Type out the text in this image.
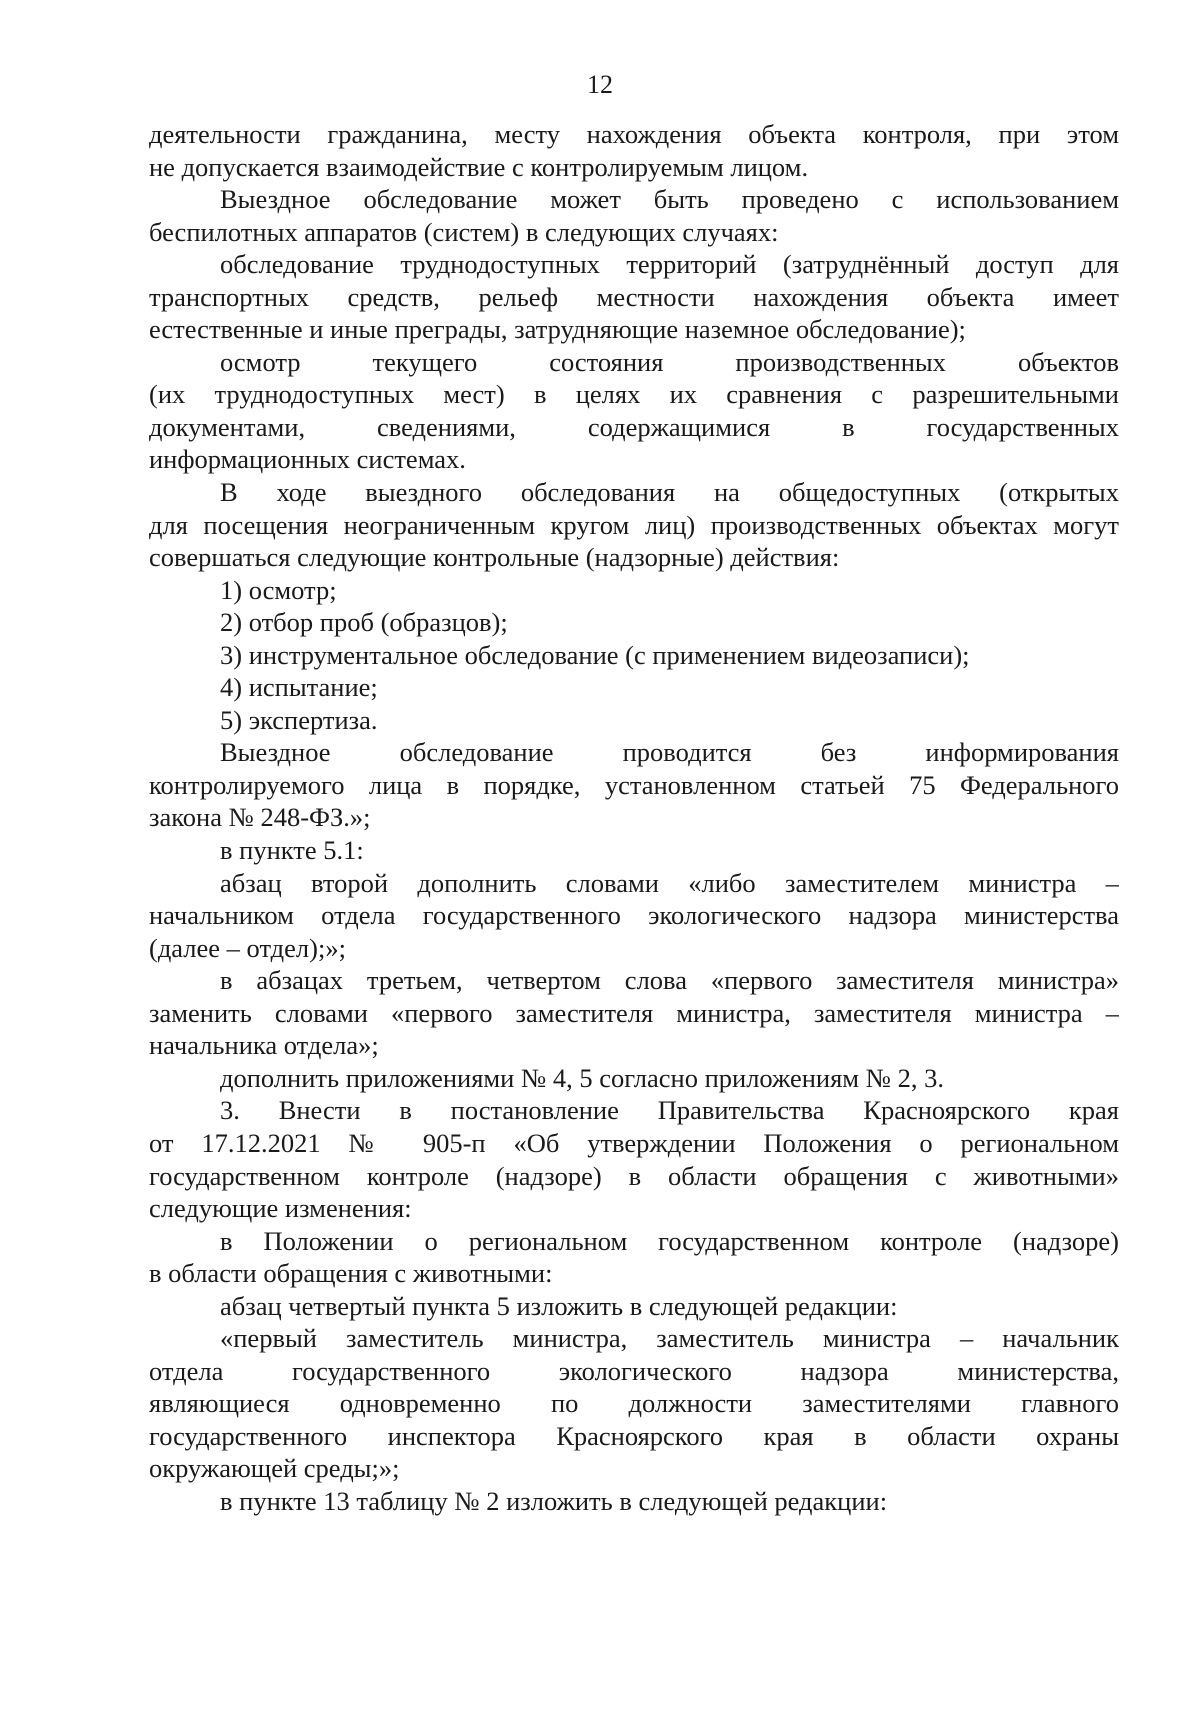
12
деятельности гражданина, месту нахождения объекта контроля, при этом
не допускается взаимодействие с контролируемым лицом.
Выездное обследование может быть проведено с использованием
беспилотных аппаратов (систем) в следующих случаях:
обследование труднодоступных территорий (затруднённый доступ для
транспортных средств, рельеф местности нахождения объекта имеет
естественные и иные преграды, затрудняющие наземное обследование);
осмотр текущего состояния производственных объектов
(их труднодоступных мест) в целях их сравнения с разрешительными
документами, сведениями, содержащимися в государственных
информационных системах.
В ходе выездного обследования на общедоступных (открытых
для посещения неограниченным кругом лиц) производственных объектах могут
совершаться следующие контрольные (надзорные) действия:
1) осмотр;
2) отбор проб (образцов);
3) инструментальное обследование (с применением видеозаписи);
4) испытание;
5) экспертиза.
Выездное обследование проводится без информирования
контролируемого лица в порядке, установленном статьей 75 Федерального
закона № 248-ФЗ.»;
в пункте 5.1:
абзац второй дополнить словами «либо заместителем министра –
начальником отдела государственного экологического надзора министерства
(далее – отдел);»;
в абзацах третьем, четвертом слова «первого заместителя министра»
заменить словами «первого заместителя министра, заместителя министра –
начальника отдела»;
дополнить приложениями № 4, 5 согласно приложениям № 2, 3.
3. Внести в постановление Правительства Красноярского края
от 17.12.2021 № 905-п «Об утверждении Положения о региональном
государственном контроле (надзоре) в области обращения с животными»
следующие изменения:
в Положении о региональном государственном контроле (надзоре)
в области обращения с животными:
абзац четвертый пункта 5 изложить в следующей редакции:
«первый заместитель министра, заместитель министра – начальник
отдела государственного экологического надзора министерства,
являющиеся одновременно по должности заместителями главного
государственного инспектора Красноярского края в области охраны
окружающей среды;»;
в пункте 13 таблицу № 2 изложить в следующей редакции:
